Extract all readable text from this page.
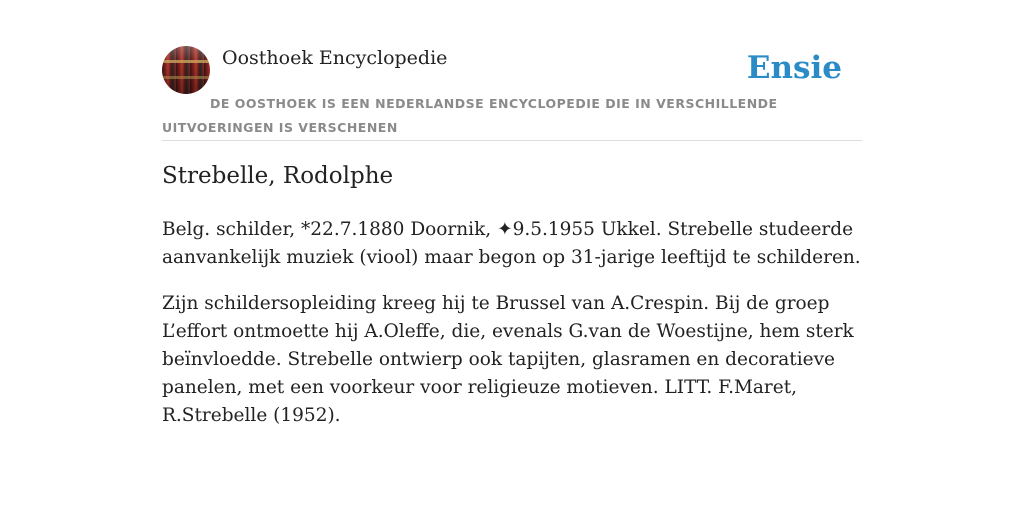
Oosthoek Encyclopedie	Ensie
DE OOSTHOEK IS EEN NEDERLANDSE ENCYCLOPEDIE DIE IN VERSCHILLENDE UITVOERINGEN IS VERSCHENEN
Strebelle, Rodolphe

Belg. schilder, *22.7.1880 Doornik, ✦9.5.1955 Ukkel. Strebelle studeerde aanvankelijk muziek (viool) maar begon op 31-jarige leeftijd te schilderen.

Zijn schildersopleiding kreeg hij te Brussel van A.Crespin. Bij de groep L’effort ontmoette hij A.Oleffe, die, evenals G.van de Woestijne, hem sterk beïnvloedde. Strebelle ontwierp ook tapijten, glasramen en decoratieve panelen, met een voorkeur voor religieuze motieven. LITT. F.Maret, R.Strebelle (1952).
